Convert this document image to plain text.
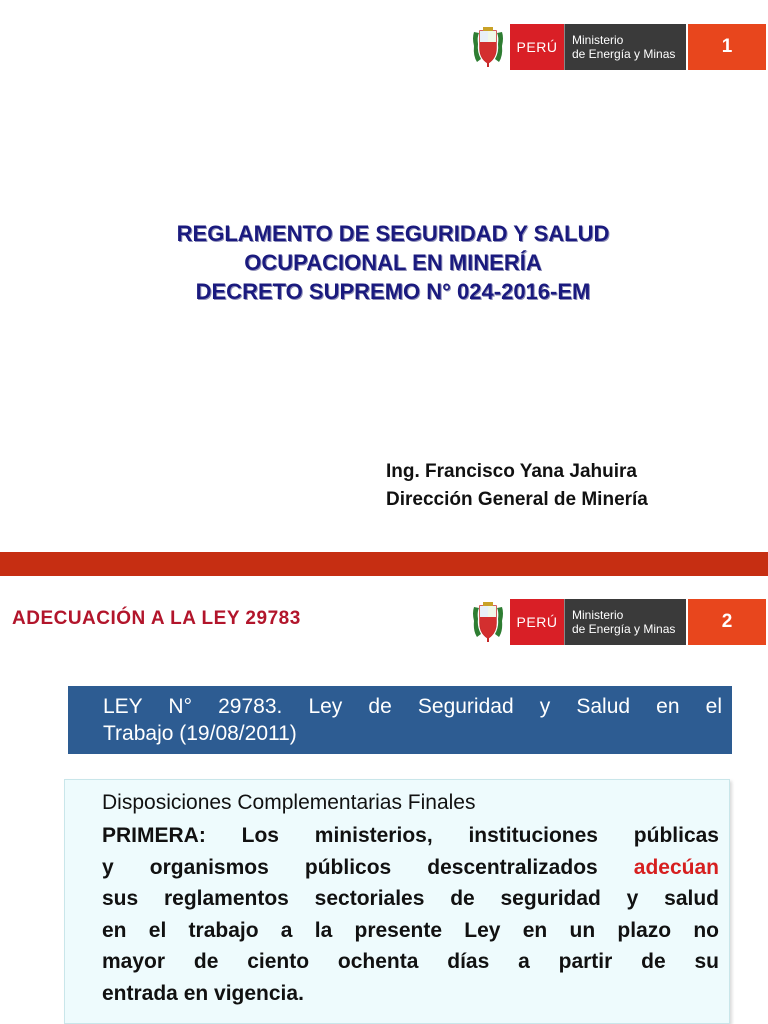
PERÚ	Ministerio
de Energía y Minas	1
REGLAMENTO DE SEGURIDAD Y SALUD
OCUPACIONAL EN MINERÍA
DECRETO SUPREMO N° 024-2016-EM
Ing. Francisco Yana Jahuira
Dirección General de Minería
ADECUACIÓN A LA LEY 29783	PERÚ	Ministerio
de Energía y Minas	2
LEY N° 29783. Ley de Seguridad y Salud en el
Trabajo (19/08/2011)
Disposiciones Complementarias Finales
PRIMERA: Los ministerios, instituciones públicas
y organismos públicos descentralizados adecúan
sus reglamentos sectoriales de seguridad y salud
en el trabajo a la presente Ley en un plazo no
mayor de ciento ochenta días a partir de su
entrada en vigencia.
